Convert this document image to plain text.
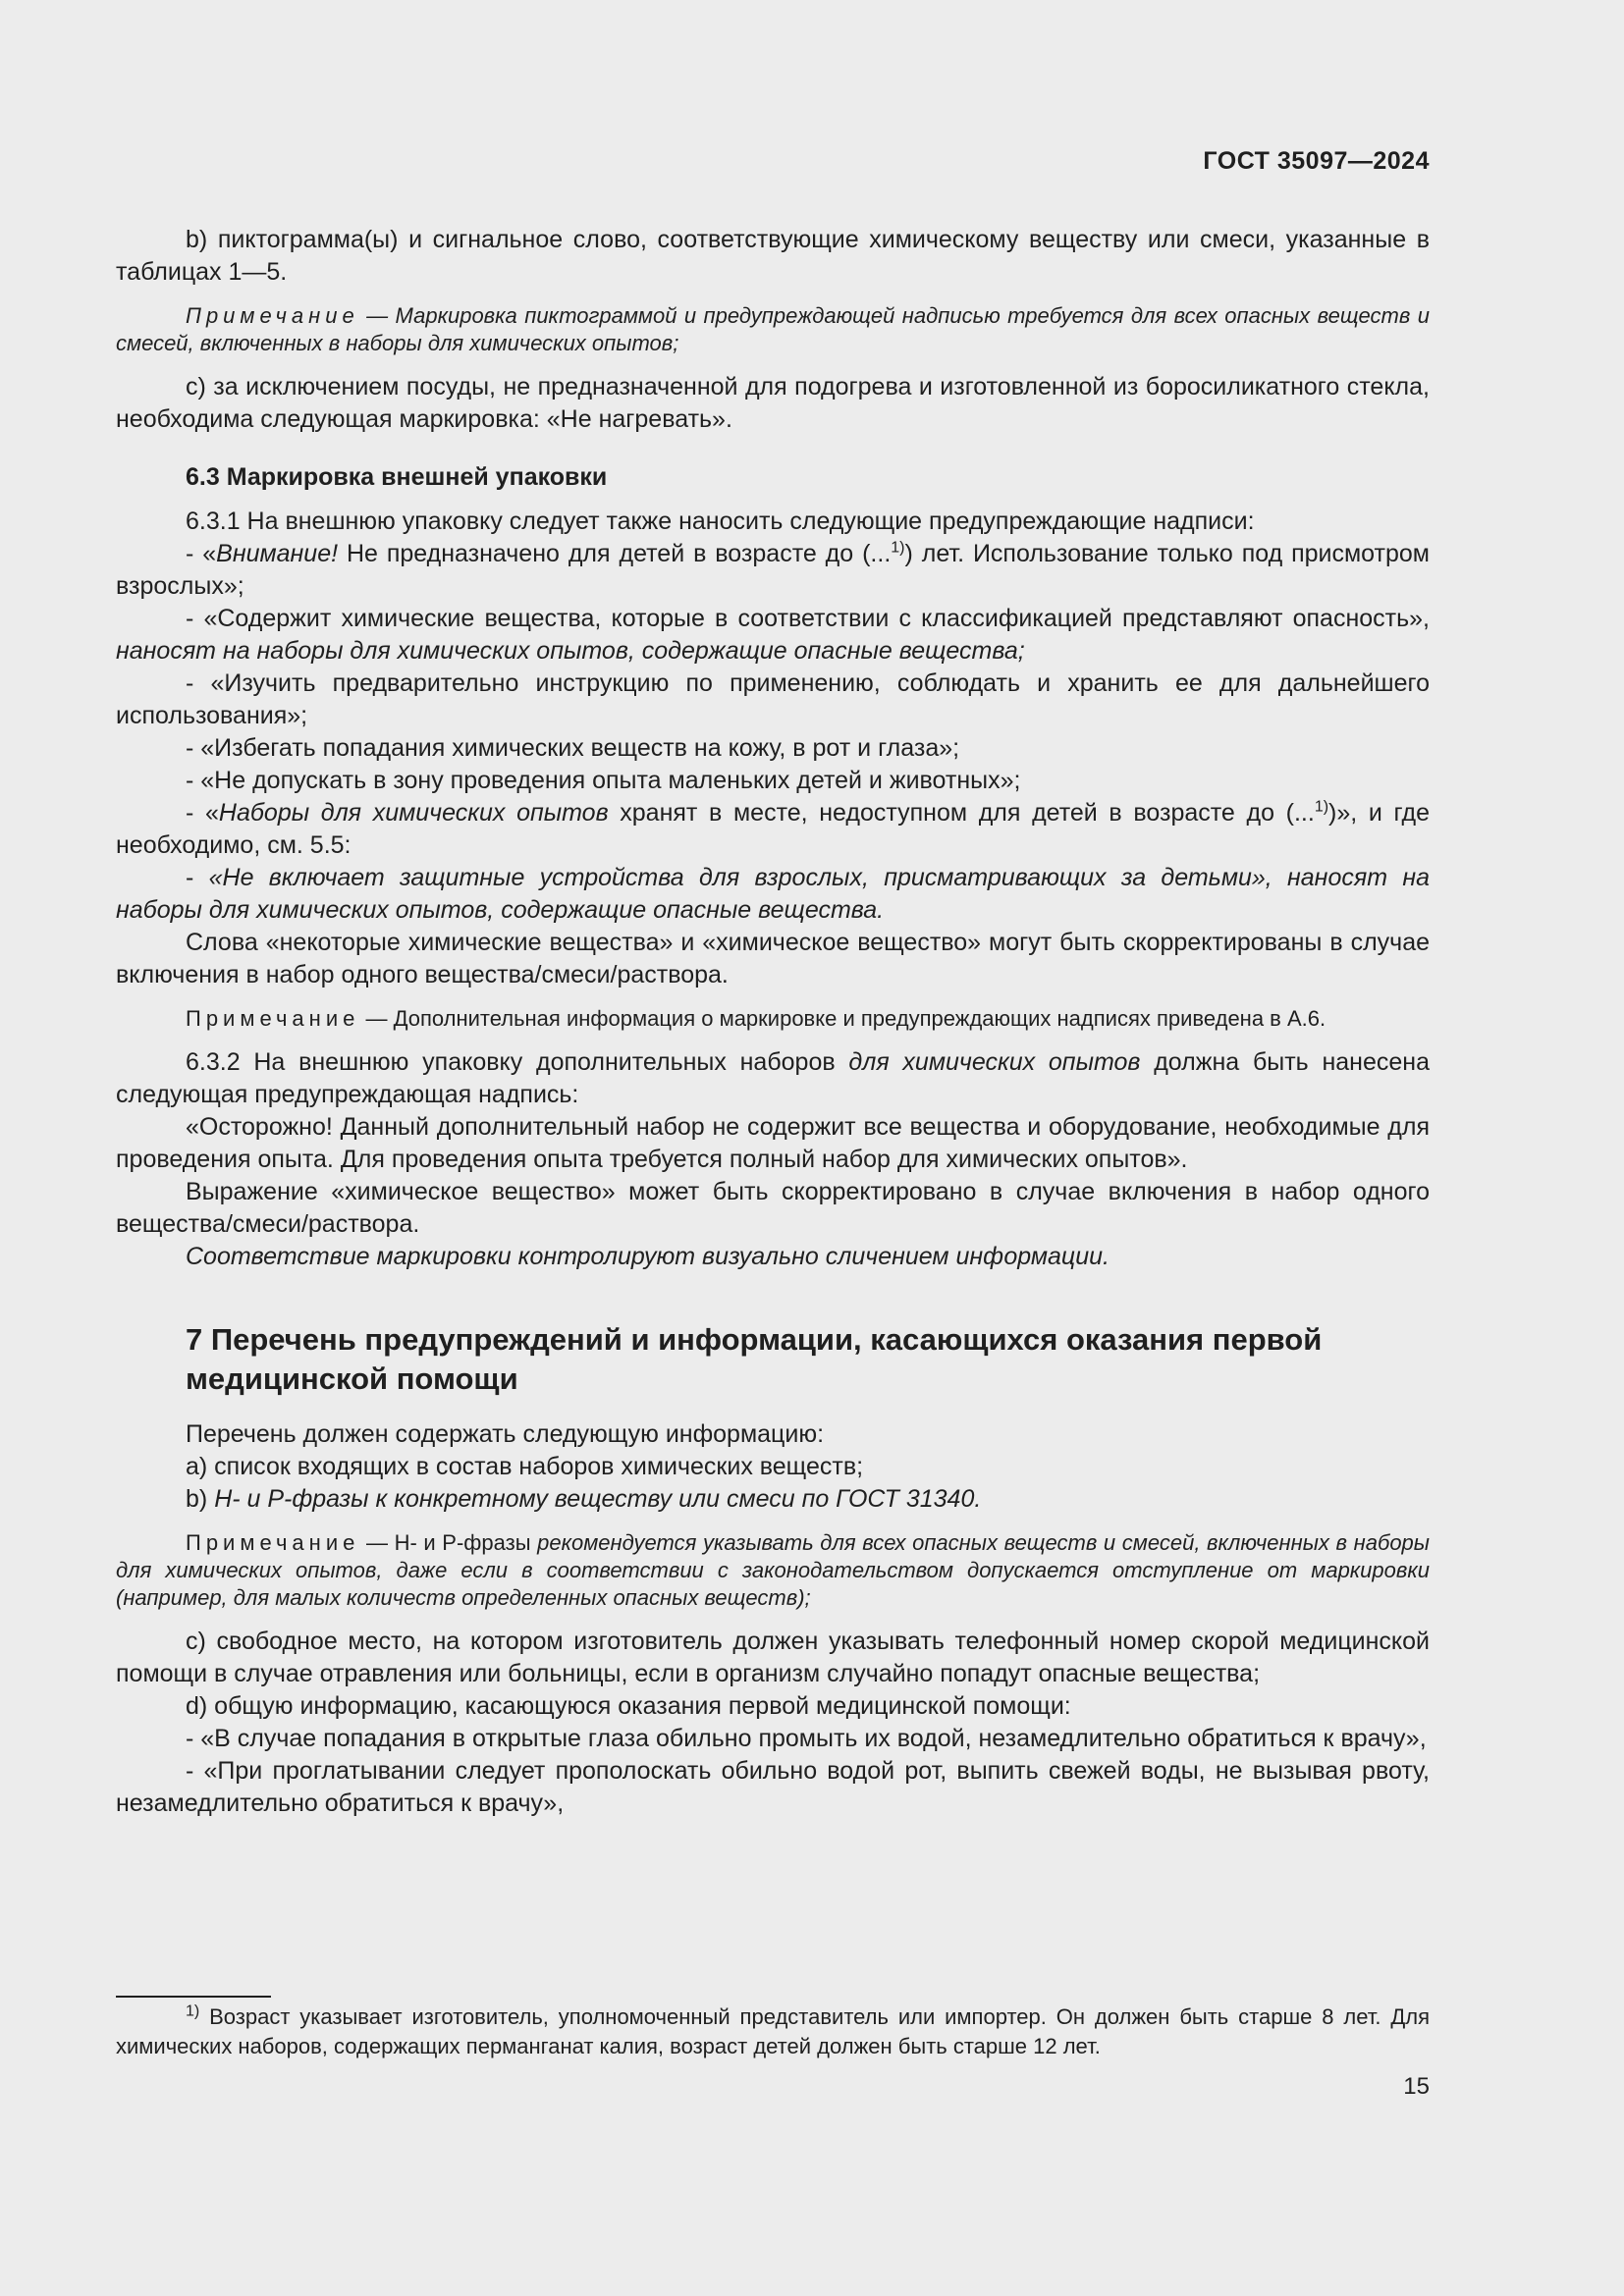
ГОСТ 35097—2024

b) пиктограмма(ы) и сигнальное слово, соответствующие химическому веществу или смеси, указанные в таблицах 1—5.

Примечание — Маркировка пиктограммой и предупреждающей надписью требуется для всех опасных веществ и смесей, включенных в наборы для химических опытов;

c) за исключением посуды, не предназначенной для подогрева и изготовленной из боросиликатного стекла, необходима следующая маркировка: «Не нагревать».

6.3 Маркировка внешней упаковки

6.3.1 На внешнюю упаковку следует также наносить следующие предупреждающие надписи:

- «Внимание! Не предназначено для детей в возрасте до (...$^{1)}$) лет. Использование только под присмотром взрослых»;

- «Содержит химические вещества, которые в соответствии с классификацией представляют опасность», наносят на наборы для химических опытов, содержащие опасные вещества;

- «Изучить предварительно инструкцию по применению, соблюдать и хранить ее для дальнейшего использования»;

- «Избегать попадания химических веществ на кожу, в рот и глаза»;

- «Не допускать в зону проведения опыта маленьких детей и животных»;

- «Наборы для химических опытов хранят в месте, недоступном для детей в возрасте до (...$^{1)}$)», и где необходимо, см. 5.5:

- «Не включает защитные устройства для взрослых, присматривающих за детьми», наносят на наборы для химических опытов, содержащие опасные вещества.

Слова «некоторые химические вещества» и «химическое вещество» могут быть скорректированы в случае включения в набор одного вещества/смеси/раствора.

Примечание — Дополнительная информация о маркировке и предупреждающих надписях приведена в А.6.

6.3.2 На внешнюю упаковку дополнительных наборов для химических опытов должна быть нанесена следующая предупреждающая надпись:

«Осторожно! Данный дополнительный набор не содержит все вещества и оборудование, необходимые для проведения опыта. Для проведения опыта требуется полный набор для химических опытов».

Выражение «химическое вещество» может быть скорректировано в случае включения в набор одного вещества/смеси/раствора.

Соответствие маркировки контролируют визуально сличением информации.

7 Перечень предупреждений и информации, касающихся оказания первой медицинской помощи

Перечень должен содержать следующую информацию:

a) список входящих в состав наборов химических веществ;

b) Н- и Р-фразы к конкретному веществу или смеси по ГОСТ 31340.

Примечание — Н- и Р-фразы рекомендуется указывать для всех опасных веществ и смесей, включенных в наборы для химических опытов, даже если в соответствии с законодательством допускается отступление от маркировки (например, для малых количеств определенных опасных веществ);

c) свободное место, на котором изготовитель должен указывать телефонный номер скорой медицинской помощи в случае отравления или больницы, если в организм случайно попадут опасные вещества;

d) общую информацию, касающуюся оказания первой медицинской помощи:

- «В случае попадания в открытые глаза обильно промыть их водой, незамедлительно обратиться к врачу»,

- «При проглатывании следует прополоскать обильно водой рот, выпить свежей воды, не вызывая рвоту, незамедлительно обратиться к врачу»,

$^{1)}$ Возраст указывает изготовитель, уполномоченный представитель или импортер. Он должен быть старше 8 лет. Для химических наборов, содержащих перманганат калия, возраст детей должен быть старше 12 лет.

15
